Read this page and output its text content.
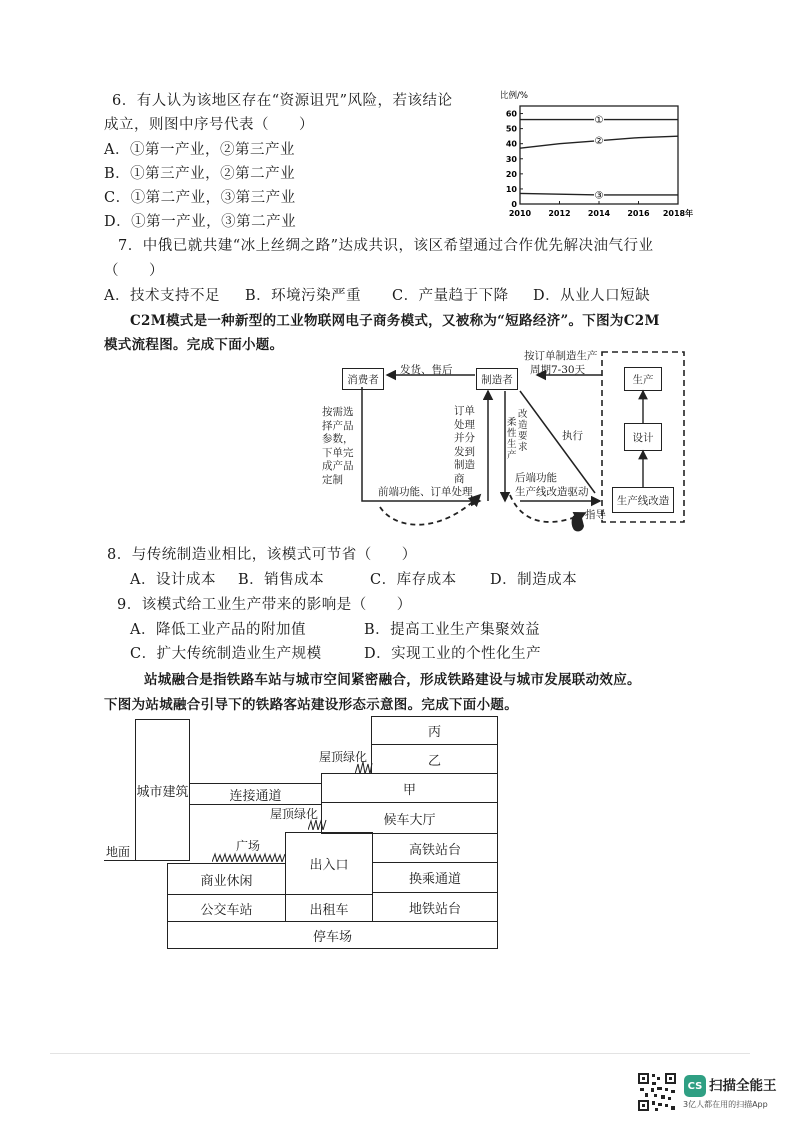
6．有人认为该地区存在“资源诅咒”风险，若该结论
成立，则图中序号代表（　　）
A．①第一产业，②第三产业
B．①第三产业，②第二产业
C．①第二产业，③第三产业
D．①第一产业，③第二产业
比例/%
60
50
40
30
20
10
0
2010 2012 2014 2016 2018年
①
②
③
7．中俄已就共建“冰上丝绸之路”达成共识，该区希望通过合作优先解决油气行业
（　　）
A．技术支持不足 B．环境污染严重 C．产量趋于下降 D．从业人口短缺
C2M模式是一种新型的工业物联网电子商务模式，又被称为“短路经济”。下图为C2M
模式流程图。完成下面小题。
消费者	制造者
发货、售后
按订单制造生产
周期7-30天
生产
设计
生产线改造
按需选择产品参数，下单完成产品定制
订单处理并分发到制造商
柔性生产
改造要求
执行
后端功能
生产线改造驱动
前端功能、订单处理
指导
8．与传统制造业相比，该模式可节省（　　）
A．设计成本 B．销售成本	C．库存成本 D．制造成本
9．该模式给工业生产带来的影响是（　　）
A．降低工业产品的附加值	B．提高工业生产集聚效益
C．扩大传统制造业生产规模	D．实现工业的个性化生产
站城融合是指铁路车站与城市空间紧密融合，形成铁路建设与城市发展联动效应。
下图为站城融合引导下的铁路客站建设形态示意图。完成下面小题。
地面
城市建筑
丙
乙
甲
屋顶绿化
连接通道
屋顶绿化	候车大厅
广场
出入口
高铁站台
换乘通道
商业休闲
公交车站	出租车	地铁站台
停车场
CS 扫描全能王
3亿人都在用的扫描App
